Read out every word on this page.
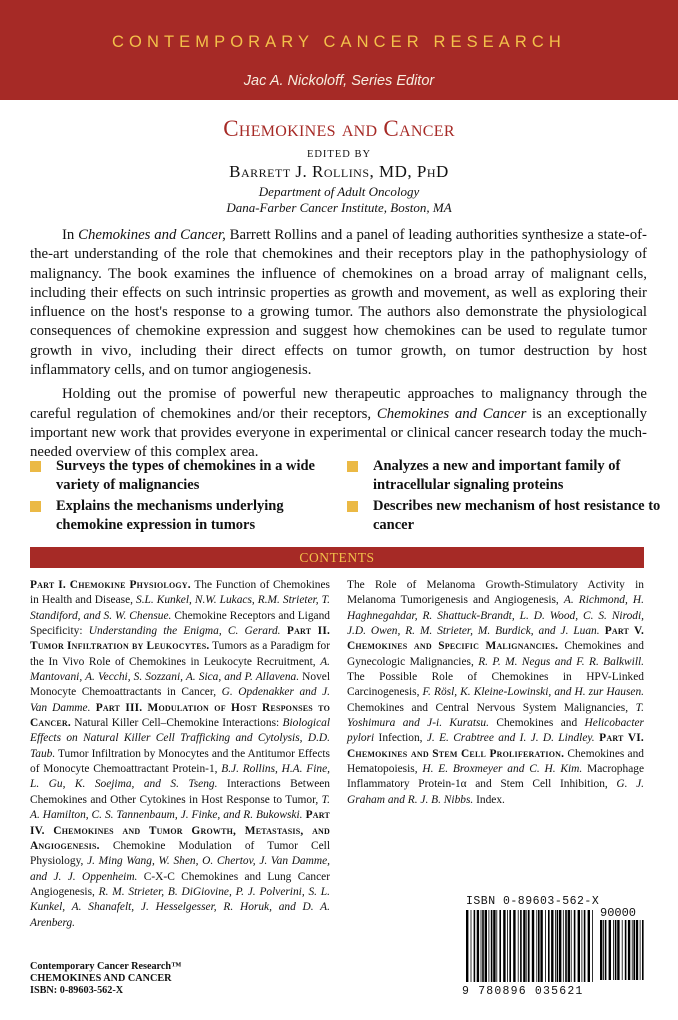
CONTEMPORARY CANCER RESEARCH
Jac A. Nickoloff, Series Editor
Chemokines and Cancer
EDITED BY
Barrett J. Rollins, MD, PhD
Department of Adult Oncology
Dana-Farber Cancer Institute, Boston, MA

In Chemokines and Cancer, Barrett Rollins and a panel of leading authorities synthesize a state-of-the-art understanding of the role that chemokines and their receptors play in the pathophysiology of malignancy. The book examines the influence of chemokines on a broad array of malignant cells, including their effects on such intrinsic properties as growth and movement, as well as exploring their influence on the host's response to a growing tumor. The authors also demonstrate the physiological consequences of chemokine expression and suggest how chemokines can be used to regulate tumor growth in vivo, including their direct effects on tumor growth, on tumor destruction by host inflammatory cells, and on tumor angiogenesis.

Holding out the promise of powerful new therapeutic approaches to malignancy through the careful regulation of chemokines and/or their receptors, Chemokines and Cancer is an exceptionally important new work that provides everyone in experimental or clinical cancer research today the much-needed overview of this complex area.

Surveys the types of chemokines in a wide variety of malignancies
Explains the mechanisms underlying chemokine expression in tumors
Analyzes a new and important family of intracellular signaling proteins
Describes new mechanism of host resistance to cancer
CONTENTS
Part I. Chemokine Physiology. The Function of Chemokines in Health and Disease, S.L. Kunkel, N.W. Lukacs, R.M. Strieter, T. Standiford, and S. W. Chensue. Chemokine Receptors and Ligand Specificity: Understanding the Enigma, C. Gerard. Part II. Tumor Infiltration by Leukocytes. Tumors as a Paradigm for the In Vivo Role of Chemokines in Leukocyte Recruitment, A. Mantovani, A. Vecchi, S. Sozzani, A. Sica, and P. Allavena. Novel Monocyte Chemoattractants in Cancer, G. Opdenakker and J. Van Damme. Part III. Modulation of Host Responses to Cancer. Natural Killer Cell–Chemokine Interactions: Biological Effects on Natural Killer Cell Trafficking and Cytolysis, D.D. Taub. Tumor Infiltration by Monocytes and the Antitumor Effects of Monocyte Chemoattractant Protein-1, B.J. Rollins, H.A. Fine, L. Gu, K. Soejima, and S. Tseng. Interactions Between Chemokines and Other Cytokines in Host Response to Tumor, T. A. Hamilton, C. S. Tannenbaum, J. Finke, and R. Bukowski. Part IV. Chemokines and Tumor Growth, Metastasis, and Angiogenesis. Chemokine Modulation of Tumor Cell Physiology, J. Ming Wang, W. Shen, O. Chertov, J. Van Damme, and J. J. Oppenheim. C-X-C Chemokines and Lung Cancer Angiogenesis, R. M. Strieter, B. DiGiovine, P. J. Polverini, S. L. Kunkel, A. Shanafelt, J. Hesselgesser, R. Horuk, and D. A. Arenberg.
The Role of Melanoma Growth-Stimulatory Activity in Melanoma Tumorigenesis and Angiogenesis, A. Richmond, H. Haghnegahdar, R. Shattuck-Brandt, L. D. Wood, C. S. Nirodi, J.D. Owen, R. M. Strieter, M. Burdick, and J. Luan. Part V. Chemokines and Specific Malignancies. Chemokines and Gynecologic Malignancies, R. P. M. Negus and F. R. Balkwill. The Possible Role of Chemokines in HPV-Linked Carcinogenesis, F. Rösl, K. Kleine-Lowinski, and H. zur Hausen. Chemokines and Central Nervous System Malignancies, T. Yoshimura and J-i. Kuratsu. Chemokines and Helicobacter pylori Infection, J. E. Crabtree and I. J. D. Lindley. Part VI. Chemokines and Stem Cell Proliferation. Chemokines and Hematopoiesis, H. E. Broxmeyer and C. H. Kim. Macrophage Inflammatory Protein-1α and Stem Cell Inhibition, G. J. Graham and R. J. B. Nibbs. Index.
Contemporary Cancer Research™
CHEMOKINES AND CANCER
ISBN: 0-89603-562-X
ISBN 0-89603-562-X
90000
9 780896 035621
